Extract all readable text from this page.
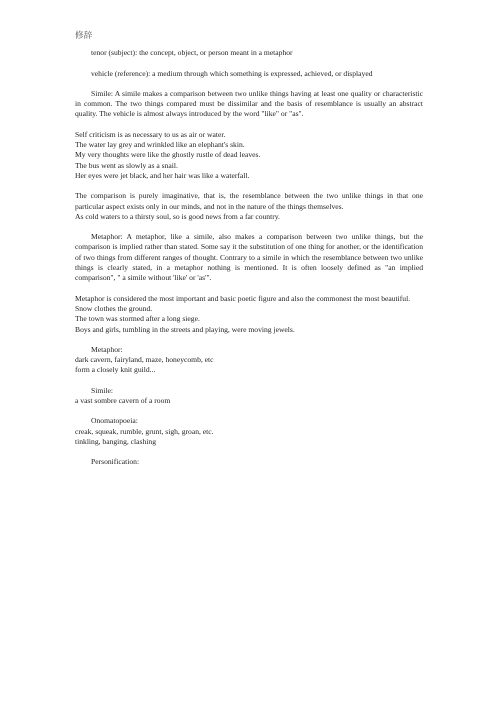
修辞

tenor (subject): the concept, object, or person meant in a metaphor

vehicle (reference): a medium through which something is expressed, achieved, or displayed

Simile: A simile makes a comparison between two unlike things having at least one quality or characteristic in common. The two things compared must be dissimilar and the basis of resemblance is usually an abstract quality. The vehicle is almost always introduced by the word "like" or "as".

Self criticism is as necessary to us as air or water.

The water lay grey and wrinkled like an elephant's skin.

My very thoughts were like the ghostly rustle of dead leaves.

The bus went as slowly as a snail.

Her eyes were jet black, and her hair was like a waterfall.

The comparison is purely imaginative, that is, the resemblance between the two unlike things in that one particular aspect exists only in our minds, and not in the nature of the things themselves.

As cold waters to a thirsty soul, so is good news from a far country.

Metaphor: A metaphor, like a simile, also makes a comparison between two unlike things, but the comparison is implied rather than stated. Some say it the substitution of one thing for another, or the identification of two things from different ranges of thought. Contrary to a simile in which the resemblance between two unlike things is clearly stated, in a metaphor nothing is mentioned. It is often loosely defined as "an implied comparison", " a simile without 'like' or 'as'".

Metaphor is considered the most important and basic poetic figure and also the commonest the most beautiful.

Snow clothes the ground.

The town was stormed after a long siege.

Boys and girls, tumbling in the streets and playing, were moving jewels.

Metaphor:

dark cavern, fairyland, maze, honeycomb, etc

form a closely knit guild...

Simile:

a vast sombre cavern of a room

Onomatopoeia:

creak, squeak, rumble, grunt, sigh, groan, etc.

tinkling, banging, clashing

Personification:
